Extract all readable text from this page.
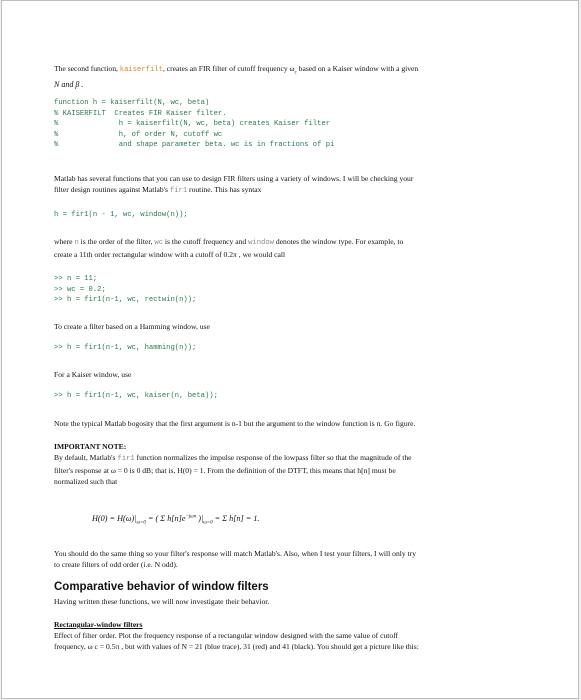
The second function, kaiserfilt, creates an FIR filter of cutoff frequency $\omega_c$ based on a Kaiser window with a given
N and β .

function h = kaiserfilt(N, wc, beta)
% KAISERFILT  Creates FIR Kaiser filter.
%              h = kaiserfilt(N, wc, beta) creates Kaiser filter
%              h, of order N, cutoff wc
%              and shape parameter beta. wc is in fractions of pi

Matlab has several functions that you can use to design FIR filters using a variety of windows. I will be checking your
filter design routines against Matlab's fir1 routine. This has syntax

h = fir1(n - 1, wc, window(n));

where n is the order of the filter, wc is the cutoff frequency and window denotes the window type. For example, to
create a 11th order rectangular window with a cutoff of 0.2π , we would call

>> n = 11;
>> wc = 0.2;
>> h = fir1(n-1, wc, rectwin(n));

To create a filter based on a Hamming window, use

>> h = fir1(n-1, wc, hamming(n));

For a Kaiser window, use

>> h = fir1(n-1, wc, kaiser(n, beta));

Note the typical Matlab bogosity that the first argument is n-1 but the argument to the window function is n. Go figure.

IMPORTANT NOTE:

By default, Matlab's fir1 function normalizes the impulse response of the lowpass filter so that the magnitude of the
filter's response at ω = 0 is 0 dB; that is, H(0) = 1. From the definition of the DTFT, this means that h[n] must be
normalized such that

$H(0) = H(\omega)|_{\omega=0}$ = ( Σ $h[n]e^{-j\omega n}$ )$|_{\omega=0} = \Sigma$ h[n] = 1.

You should do the same thing so your filter's response will match Matlab's. Also, when I test your filters, I will only try
to create filters of odd order (i.e. N odd).

Comparative behavior of window filters

Having written these functions, we will now investigate their behavior.

Rectangular-window filters

Effect of filter order. Plot the frequency response of a rectangular window designed with the same value of cutoff
frequency, ω c = 0.5π , but with values of N = 21 (blue trace), 31 (red) and 41 (black). You should get a picture like this:
